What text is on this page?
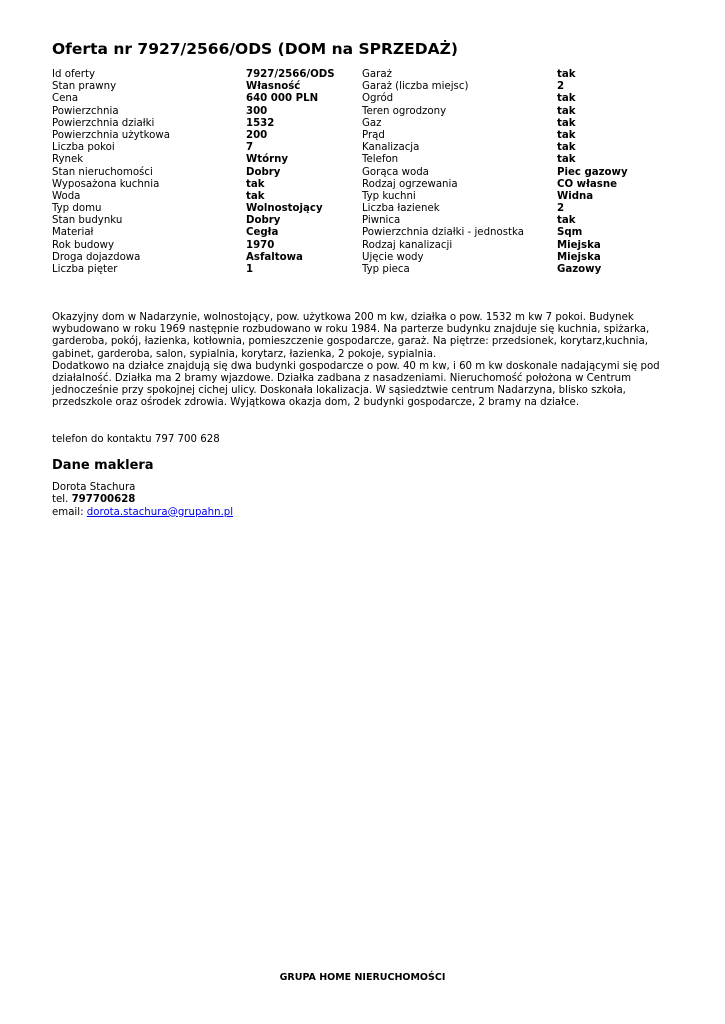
Oferta nr 7927/2566/ODS (DOM na SPRZEDAŻ)
Id oferty	7927/2566/ODS	Garaż	tak
Stan prawny	Własność	Garaż (liczba miejsc)	2
Cena	640 000 PLN	Ogród	tak
Powierzchnia	300	Teren ogrodzony	tak
Powierzchnia działki	1532	Gaz	tak
Powierzchnia użytkowa	200	Prąd	tak
Liczba pokoi	7	Kanalizacja	tak
Rynek	Wtórny	Telefon	tak
Stan nieruchomości	Dobry	Gorąca woda	Piec gazowy
Wyposażona kuchnia	tak	Rodzaj ogrzewania	CO własne
Woda	tak	Typ kuchni	Widna
Typ domu	Wolnostojący	Liczba łazienek	2
Stan budynku	Dobry	Piwnica	tak
Materiał	Cegła	Powierzchnia działki - jednostka	Sqm
Rok budowy	1970	Rodzaj kanalizacji	Miejska
Droga dojazdowa	Asfaltowa	Ujęcie wody	Miejska
Liczba pięter	1	Typ pieca	Gazowy

Okazyjny dom w Nadarzynie, wolnostojący, pow. użytkowa 200 m kw, działka o pow. 1532 m kw 7 pokoi. Budynek wybudowano w roku 1969 następnie rozbudowano w roku 1984. Na parterze budynku znajduje się kuchnia, spiżarka, garderoba, pokój, łazienka, kotłownia, pomieszczenie gospodarcze, garaż. Na piętrze: przedsionek, korytarz,kuchnia, gabinet, garderoba, salon, sypialnia, korytarz, łazienka, 2 pokoje, sypialnia.

Dodatkowo na działce znajdują się dwa budynki gospodarcze o pow. 40 m kw, i 60 m kw doskonale nadającymi się pod działalność. Działka ma 2 bramy wjazdowe. Działka zadbana z nasadzeniami. Nieruchomość położona w Centrum jednocześnie przy spokojnej cichej ulicy. Doskonała lokalizacja. W sąsiedztwie centrum Nadarzyna, blisko szkoła, przedszkole oraz ośrodek zdrowia. Wyjątkowa okazja dom, 2 budynki gospodarcze, 2 bramy na działce.

telefon do kontaktu 797 700 628
Dane maklera
Dorota Stachura
tel. 797700628
email: dorota.stachura@grupahn.pl
GRUPA HOME NIERUCHOMOŚCI
